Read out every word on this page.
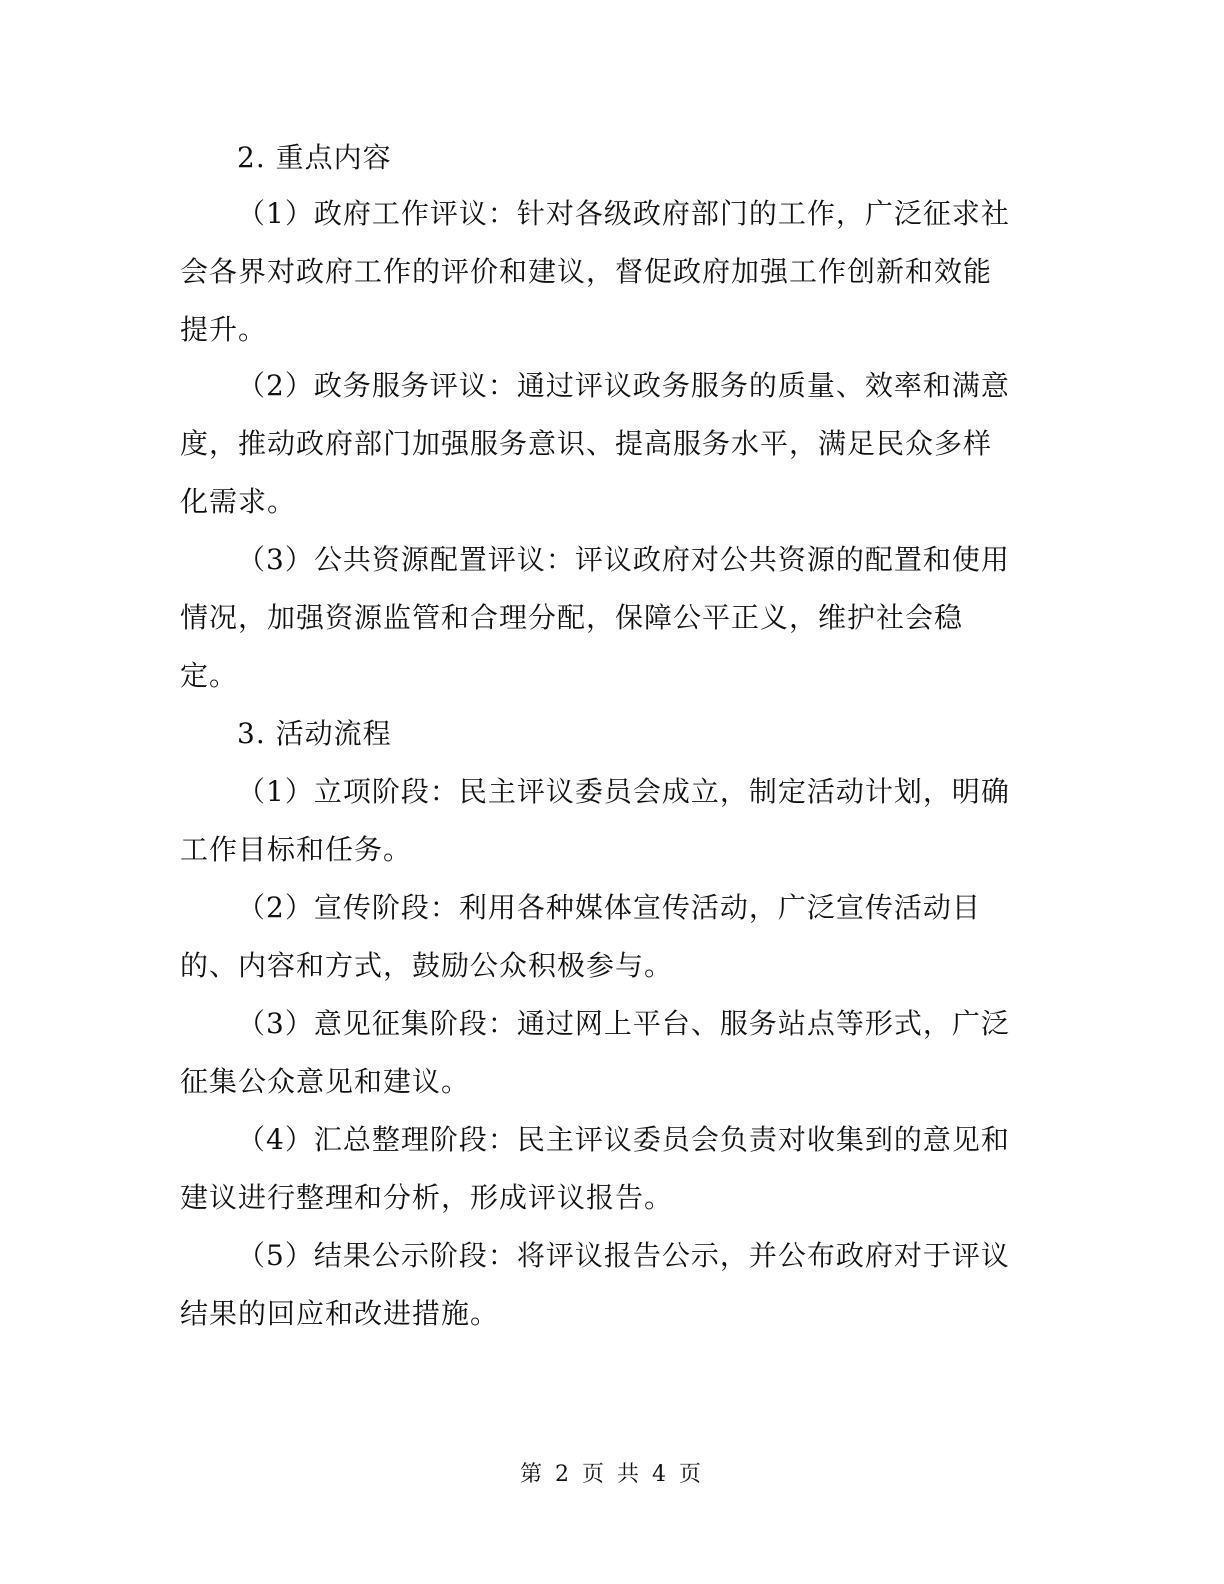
2. 重点内容
（1）政府工作评议：针对各级政府部门的工作，广泛征求社
会各界对政府工作的评价和建议，督促政府加强工作创新和效能
提升。
（2）政务服务评议：通过评议政务服务的质量、效率和满意
度，推动政府部门加强服务意识、提高服务水平，满足民众多样
化需求。
（3）公共资源配置评议：评议政府对公共资源的配置和使用
情况，加强资源监管和合理分配，保障公平正义，维护社会稳
定。
3. 活动流程
（1）立项阶段：民主评议委员会成立，制定活动计划，明确
工作目标和任务。
（2）宣传阶段：利用各种媒体宣传活动，广泛宣传活动目
的、内容和方式，鼓励公众积极参与。
（3）意见征集阶段：通过网上平台、服务站点等形式，广泛
征集公众意见和建议。
（4）汇总整理阶段：民主评议委员会负责对收集到的意见和
建议进行整理和分析，形成评议报告。
（5）结果公示阶段：将评议报告公示，并公布政府对于评议
结果的回应和改进措施。
第 2 页 共 4 页
